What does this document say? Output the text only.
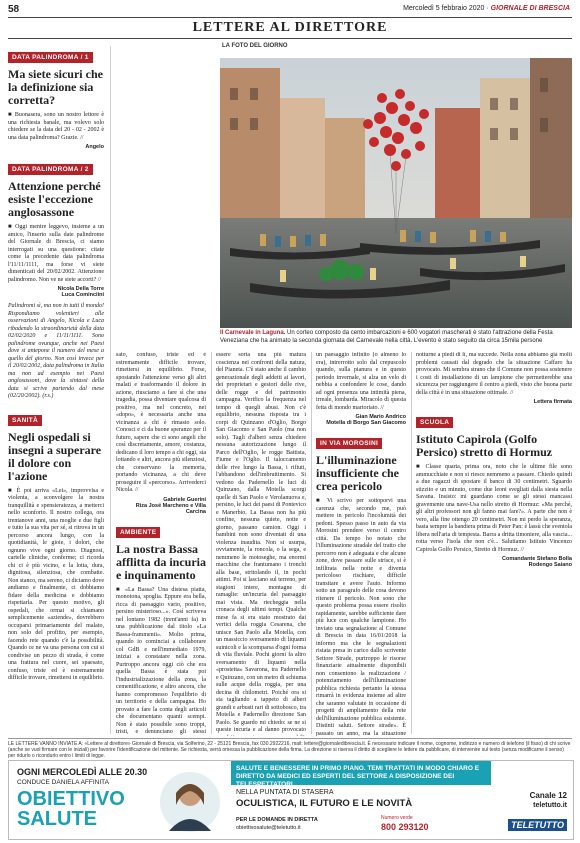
58	Mercoledì 5 febbraio 2020 · GIORNALE DI BRESCIA
LETTERE AL DIRETTORE
DATA PALINDROMA / 1
Ma siete sicuri che la definizione sia corretta?
■ Buonasera, sono un nostro lettore è una richiesta banale, ma volevo solo chiedere se la data del 20 - 02 - 2002 è una data palindroma? Grazie. //
Angelo
DATA PALINDROMA / 2
Attenzione perché esiste l'eccezione anglosassone
■ Oggi mentre leggevo, insieme a un amico, l'inserto sulla date palindrome del Giornale di Brescia, ci siamo interrogati su una questione: citate come la precedente data palindroma l'11/11/1111, ma forse vi siete dimenticati del 20/02/2002. Attenzione palindromo. Non ve ne siete accorti? //
Nicola Della Torre
Luca Cominciini
Palindromi sì, ma non in tutti il mondo! Rispondiamo volentieri alle osservazioni di Angelo, Nicola e Luca ribadendo la straordinarietà della data 02/02/2020 e 11/11/1111. Sono palindrome ovunque, anche nei Paesi dove si antepone il numero del mese a quello del giorno. Non così invece per il 20/02/2002, data palindroma in Italia ma non ad esempio nei Paesi anglosassoni, dove la sintassi della data si scrive partendo dal mese (02/20/2002). (r.s.)
SANITÀ
Negli ospedali si insegni a superare il dolore con l'azione
■ È poi arriva «Lei», improvvisa e violenta, a sconvolgere la nostra tranquillità e spensieratezza, a metterci nello sconforto. Il nostro collega, ora trentanove anni, una moglie e due figli e tutto la sua vita per sé, si ritrova in un percorso ancora lungo, con la quotidianità, le gioie, i dolori, che ognuno vive ogni giorno. Diagnosi, cartelle cliniche, conferme; ci ricorda chi ci è più vicino, e la lotta, dura, dignitosa, silenziosa, che combatte. Non stanco, ma sereno, ci diciamo dove andiamo e finalmente, ci dobbiamo fidare della medicina e dobbiamo rispettarla. Per questo motivo, gli ospedali, che ormai si chiamano semplicemente «aziende», dovrebbero occuparsi primariamente del malato, non solo del profitto, per esempio, facendo rete quando c'è la possibilità. Quando ce ne va una persona con cui si condivise un pezzo di strada, è come una frattura nel cuore, sei spaesato, confuso, triste ed è estremamente difficile trovare, rimettersi in equilibrio.
LA FOTO DEL GIORNO
Il Carnevale in Laguna. Un corteo composto da cento imbarcazioni e 600 vogatori mascherati è stato l'attrazione della Festa Veneziana che ha animato la seconda giornata del Carnevale nella città. L'evento è stato seguito da circa 15mila persone
sato, confuso, triste ed è estremamente difficile trovare, rimettersi in equilibrio. Forse, spostando l'attenzione verso gli altri malati e trasformando il dolore in azione, riusciamo a fare sì che una tragedia, possa diventare qualcosa di positivo, ma nel concreto, nei «dopo», è necessaria anche una vicinanza a chi è rimasto solo. Conosci e ci da buone speranze per il futuro, sapere che ci sono angeli che così discretamente, amore, costanza, dedicano il loro tempo a chi oggi, sta lottando e altri, ancora più silenziosi, che conservano la memoria, portando vicinanza, a chi deve proseguire il «percorso». Arrivederci Nicola. //
Gabriele Guerini
Riza José Marcheno e Villa Carcina
AMBIENTE
La nostra Bassa afflitta da incuria e inquinamento
■ «La Bassa? Una distesa piatta, monotona, spoglia. Eppure era bella, ricca di paesaggio vario, positivo, persino misterioso...». Così scriveva nel lontano 1982 (trent'anni fa) in una pubblicazione dal titolo «La Bassa-frammenti». Molto prima, quando io cominciai a collaborare col GdB e nell'immediato 1979, iniziai a constatare nella zona. Purtroppo ancora oggi ciò che era quella Bassa è stata poi l'industrializzazione della zona, la cementificazione, e altro ancora, che hanno compromesso l'equilibrio di un territorio e della campagna. Ho provato a fare la conta degli articoli che documentano quanti scempi. Non è stato possibile sono troppi, tristi, e denunciano gli stessi
essere sorta una più matura coscienza nei confronti della natura, del Pianeta. C'è stato anche il cambio generazionale degli addetti ai lavori, dei proprietari e gestori delle rive, delle rogge e del patrimonio campagna. Verifico la frequenza nel tempo di quegli abusi. Non c'è equilibrio, nessuna risposta tra i corpi di Quinzano d'Oglio, Borgo San Giacomo e San Paolo (ma non solo). Tagli d'alberi senza chiedere nessuna autorizzazione lungo il Parco dell'Oglio, le rogge Battista, Fiume e l'Oglio. Il taloccamento delle rive lungo la Bassa, i rifiuti, l'abbandono dell'imbruttimento. Si vedono da Padernello le luci di Quinzano, dalla Motella scorgi quelle di San Paolo e Verolanuova e, persino, le luci dei paesi di Pontevico e Manerbio. La Bassa non ha più confine, nessuna quiete, notte e giorno, passano camion. Oggi i bambini non sono diventati di una violenza inaudita. Non si usurpa, ovviamente, la roncola, o la sega, e nemmeno le motoseghe, ma enormi macchine che frantumano i tronchi alla base, stritolando il, in pochi attimi. Poi si lasciano sul terreno, per stagioni intere, montagne di ramaglie: un'incuria del paesaggio mai vista. Ma riecheggia nella cronaca degli ultimi tempi. Qualche mese fa si era stato mostrato dai vertici della roggia Cesarena, che unisce San Paolo alla Motella, con un massiccio sversamento di liquami suinicoli e la scomparsa d'ogni forma di vita fluviale. Pochi giorni fa altro sversamento di liquami nella «prostetta» Savarona, tra Padernello e Quinzano, con un metro di schiuma sulle acque della roggia, per una decina di chilometri. Poiché ora si sta tagliando a tappeto di alberi grandi e arbusti rari di sottobosco, tra Motella e Padernello direzione San Paolo. Se guardo mi chiedo: se ne si queste incuria e al danno provocato
un paesaggio infinito (o almeno lo era), intrerrotto solo dal crepuscolo quando, sulla pianura e in questo periodo invernale, si alza un velo di nebbia a confondere le cose, dando ad ogni presenza una intimità piena, irreale, lombarda. Miracolo di questa fetta di mondo martoriato. //
Gian Mario Andrico
Motella di Borgo San Giacomo
IN VIA MOROSINI
L'illuminazione insufficiente che crea pericolo
■ Vi scrivo per sottoporvi una carenza che, secondo me, può mettere in pericolo l'incolumità dei pedoni. Spesso passo in auto da via Morosini prendere verso il centro città. Da tempo ho notato che l'illuminazione stradale del tratto che percorro non è adeguata e che alcune zone, dove passare sulle strisce, si è infiltrata nella notte e diventa pericoloso rischiare, difficile transitare e avere l'auto. Informo sotto un paragrafo delle cosa devono ritenere il pericolo. Non sono che questo problema possa essere risolto rapidamente, sarebbe sufficiente dare più luce con qualche lampione. Ho inviato una segnalazione al Comune di Brescia in data 16/01/2018 la informo ma che le segnalazioni ristata presa in carico dallo scrivente Settore Strade, purtroppo le risorse finanziarie attualmente disponibili non consentono la realizzazione / potenziamento dell'illuminazione pubblica richiesta pertanto la stessa rimarrà in evidenza insieme ad altre che saranno valutate in occasione di progetti di ampliamento della rete dell'illuminazione pubblica esistente. Distinti saluti. Settore strade». È passato un anno, ma la situazione
notturne a piedi di lì, ma succede. Nella zona abbiamo già molti problemi causati dal degrado che la situazione Caffaro ha provocato. Mi sembra strano che il Comune non possa sostenere i costi di installazione di un lampione che permetterebbe una sicurezza per raggiungere il centro a piedi, visto che buona parte della città è in una situazione ottimale. //
Lettera firmata
SCUOLA
Istituto Capirola (Golfo Persico) stretto di Hormuz
■ Classe quarta, prima ora, noto che le ultime file sono ammucchiate e non si riesce nemmeno a passare. Chiedo quindi a due ragazzi di spostare il banco di 30 centimetri. Sguardo stizzito e un minuto, come due leoni svegliati dalla siesta nella Savana. Insisto: mi guardano come se gli stessi mancassi gravemente una nave-Usa nello stretto di Hormuz: «Ma perché, gli altri professori non gli fanno mai fare?». A parte che non è vero, alla fine ottengo 20 centimetri. Non mi perdo la speranza, basta sempre la bandiera prima di Peter Pan: è lassù che sventola libera nell'aria di tempesta. Barra a dritta timoniere, alla vascia... rotta verso l'isola che non c'è... Salutiamo Istituto Vincenzo Capirola Golfo Persico, Stretto di Hormuz. //
Comandante Stefano Bolla
Rodengo Saiano
LE LETTERE VANNO INVIATE A: «Lettere al direttore» Giornale di Brescia, via Solferino, 22 - 25121 Brescia, fax 030.2922216, mail: lettere@giornaledibrescia.it. È necessario indicare il nome, cognome, indirizzo e numero di telefono (il fisso) di chi scrive (anche se vuol firmare con le iniziali) per favorire l'identificazione del mittente. Se richiesta, verrà omessa la pubblicazione della firma. La direzione si riserva il diritto di scegliere le lettere da pubblicare, di intervenire sul testo (senza modificarne il senso) per ridurlo o ricondurlo entro i limiti di legge.
OGNI MERCOLEDÌ ALLE 20.30
CONDUCE DANIELA AFFINITA
OBIETTIVO
SALUTE
SALUTE E BENESSERE IN PRIMO PIANO. TEMI TRATTATI IN MODO CHIARO E DIRETTO DA MEDICI ED ESPERTI DEL SETTORE A DISPOSIZIONE DEI TELESPETTATORI.
NELLA PUNTATA DI STASERA
OCULISTICA, IL FUTURO E LE NOVITÀ
PER LE DOMANDE IN DIRETTA
obiettivosalute@teletutto.it
Numero verde
800 293120
Canale 12
teletutto.it
TELETUTTO
